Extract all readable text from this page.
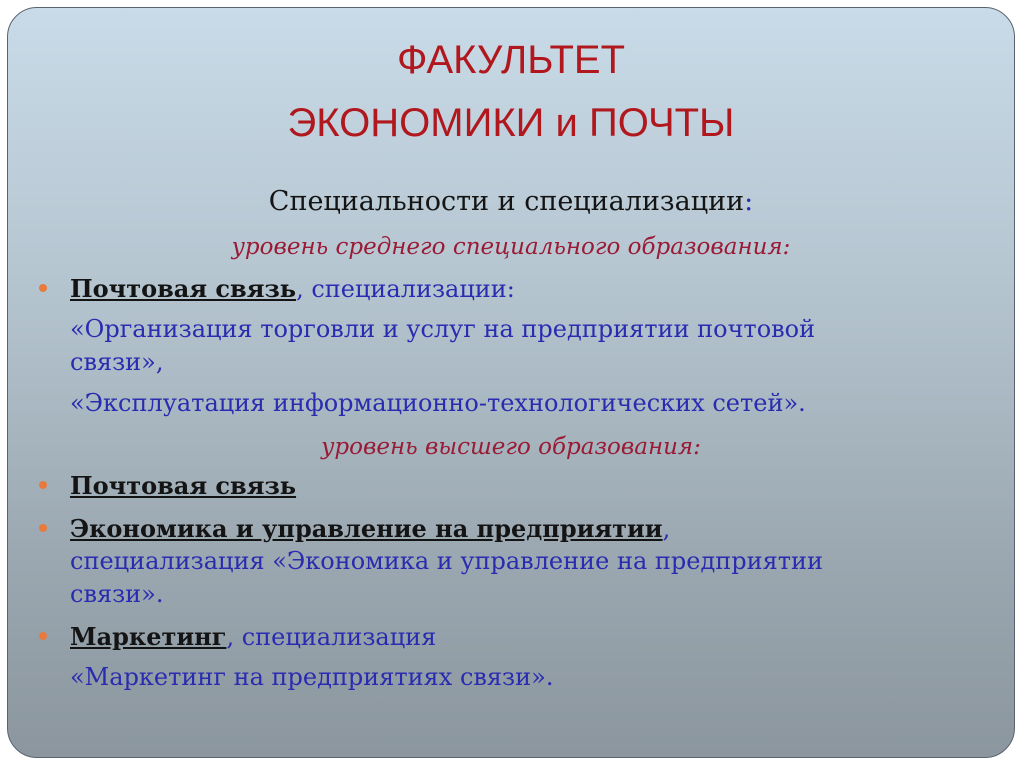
ФАКУЛЬТЕТ
ЭКОНОМИКИ и ПОЧТЫ
Специальности и специализации:
уровень среднего специального образования:
Почтовая связь, специализации:
«Организация торговли и услуг на предприятии почтовой
связи»,
«Эксплуатация информационно-технологических сетей».
уровень высшего образования:
Почтовая связь
Экономика и управление на предприятии,
специализация «Экономика и управление на предприятии
связи».
Маркетинг, специализация
«Маркетинг на предприятиях связи».
